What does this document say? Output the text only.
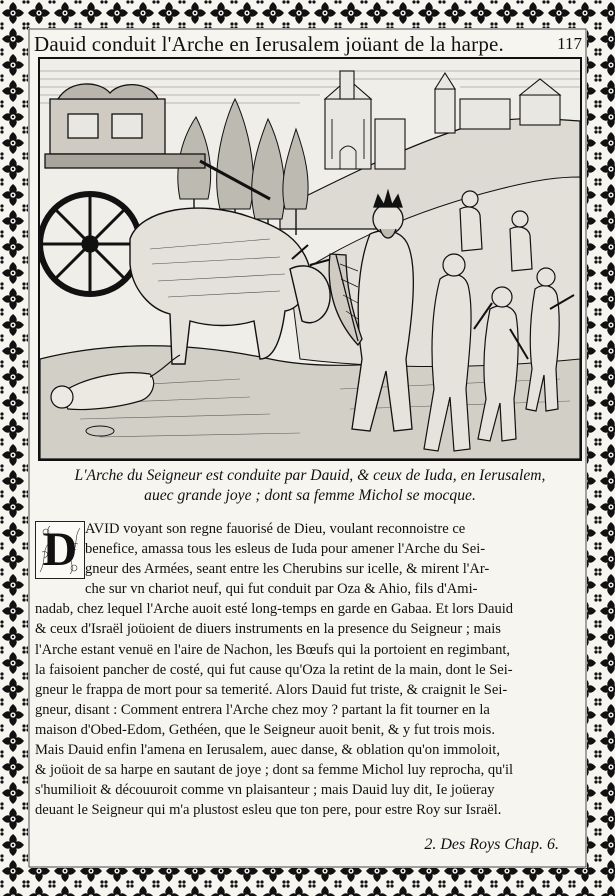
Dauid conduit l'Arche en Ierusalem joüant de la harpe.	117
L'Arche du Seigneur est conduite par Dauid, & ceux de Iuda, en Ierusalem,
auec grande joye ; dont sa femme Michol se mocque.
D AVID voyant son regne fauorisé de Dieu, voulant reconnoistre ce
benefice, amassa tous les esleus de Iuda pour amener l'Arche du Sei-
gneur des Armées, seant entre les Cherubins sur icelle, & mirent l'Ar-
che sur vn chariot neuf, qui fut conduit par Oza & Ahio, fils d'Ami-
nadab, chez lequel l'Arche auoit esté long-temps en garde en Gabaa. Et lors Dauid
& ceux d'Israël joüoient de diuers instruments en la presence du Seigneur ; mais
l'Arche estant venuë en l'aire de Nachon, les Bœufs qui la portoient en regimbant,
la faisoient pancher de costé, qui fut cause qu'Oza la retint de la main, dont le Sei-
gneur le frappa de mort pour sa temerité. Alors Dauid fut triste, & craignit le Sei-
gneur, disant : Comment entrera l'Arche chez moy ? partant la fit tourner en la
maison d'Obed-Edom, Gethéen, que le Seigneur auoit benit, & y fut trois mois.
Mais Dauid enfin l'amena en Ierusalem, auec danse, & oblation qu'on immoloit,
& joüoit de sa harpe en sautant de joye ; dont sa femme Michol luy reprocha, qu'il
s'humilioit & découuroit comme vn plaisanteur ; mais Dauid luy dit, Ie joüeray
deuant le Seigneur qui m'a plustost esleu que ton pere, pour estre Roy sur Israël.
2. Des Roys Chap. 6.
